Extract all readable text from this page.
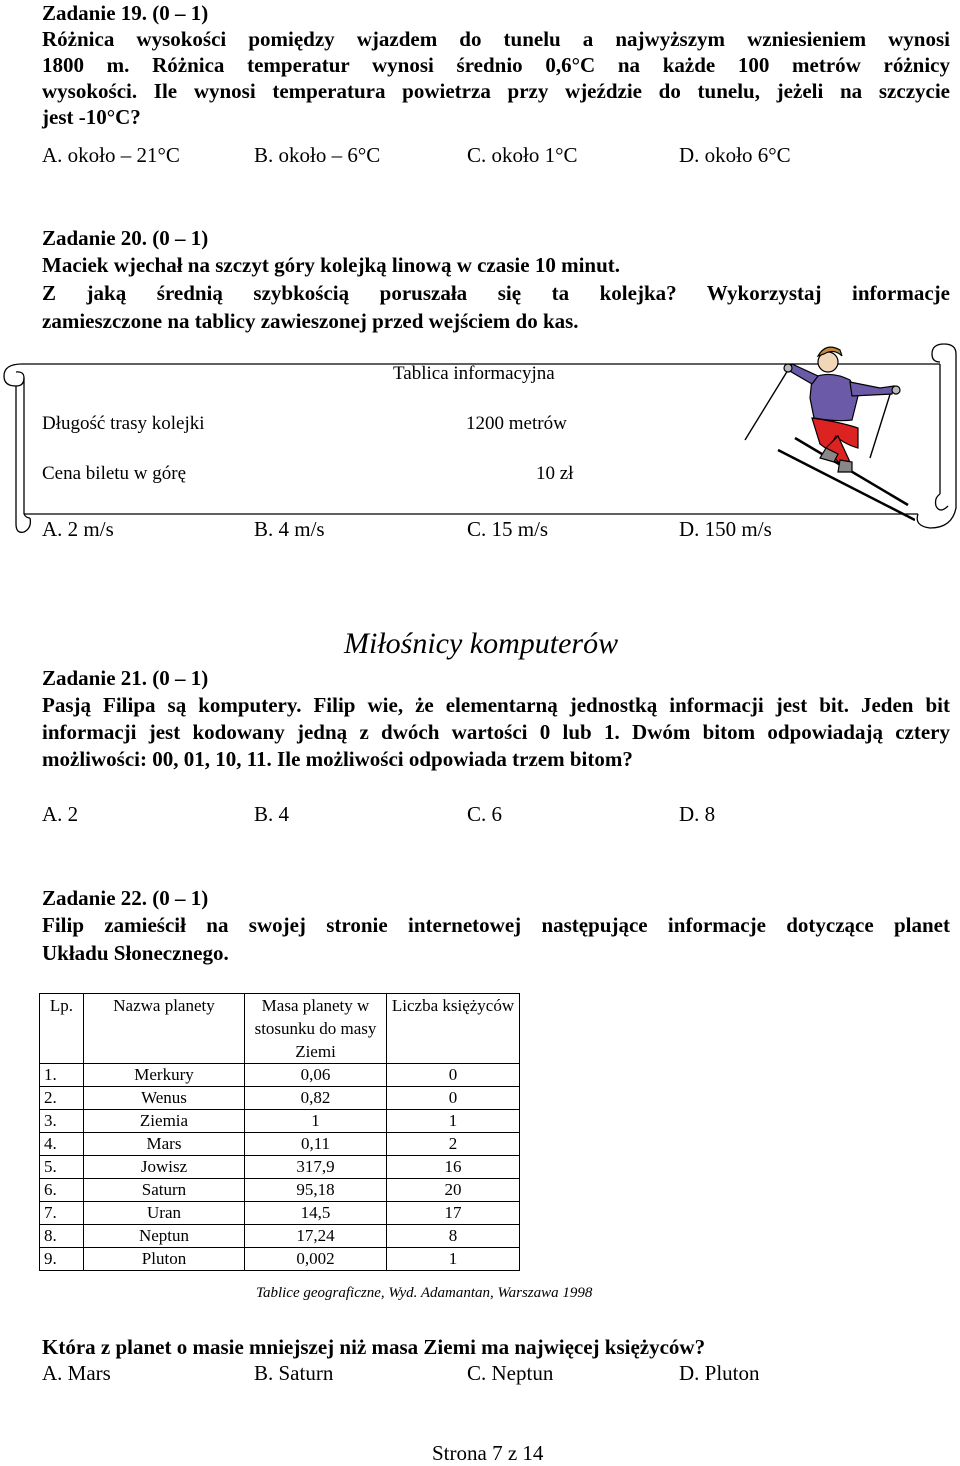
Zadanie 19. (0 – 1)
Różnica wysokości pomiędzy wjazdem do tunelu a najwyższym wzniesieniem wynosi
1800 m. Różnica temperatur wynosi średnio 0,6°C na każde 100 metrów różnicy
wysokości. Ile wynosi temperatura powietrza przy wjeździe do tunelu, jeżeli na szczycie
jest -10°C?
A. około – 21°C	B. około – 6°C	C. około 1°C	D. około 6°C
Zadanie 20. (0 – 1)
Maciek wjechał na szczyt góry kolejką linową w czasie 10 minut.
Z jaką średnią szybkością poruszała się ta kolejka? Wykorzystaj informacje
zamieszczone na tablicy zawieszonej przed wejściem do kas.
Tablica informacyjna
Długość trasy kolejki	1200 metrów
Cena biletu w górę	10 zł
A. 2 m/s	B. 4 m/s	C. 15 m/s	D. 150 m/s
Miłośnicy komputerów
Zadanie 21. (0 – 1)
Pasją Filipa są komputery. Filip wie, że elementarną jednostką informacji jest bit. Jeden bit
informacji jest kodowany jedną z dwóch wartości 0 lub 1. Dwóm bitom odpowiadają cztery
możliwości: 00, 01, 10, 11. Ile możliwości odpowiada trzem bitom?
A. 2	B. 4	C. 6	D. 8
Zadanie 22. (0 – 1)
Filip zamieścił na swojej stronie internetowej następujące informacje dotyczące planet
Układu Słonecznego.
Lp.	Nazwa planety	Masa planety w stosunku do masy Ziemi	Liczba księżyców
1.	Merkury	0,06	0
2.	Wenus	0,82	0
3.	Ziemia	1	1
4.	Mars	0,11	2
5.	Jowisz	317,9	16
6.	Saturn	95,18	20
7.	Uran	14,5	17
8.	Neptun	17,24	8
9.	Pluton	0,002	1
Tablice geograficzne, Wyd. Adamantan, Warszawa 1998
Która z planet o masie mniejszej niż masa Ziemi ma najwięcej księżyców?
A. Mars	B. Saturn	C. Neptun	D. Pluton
Strona 7 z 14
